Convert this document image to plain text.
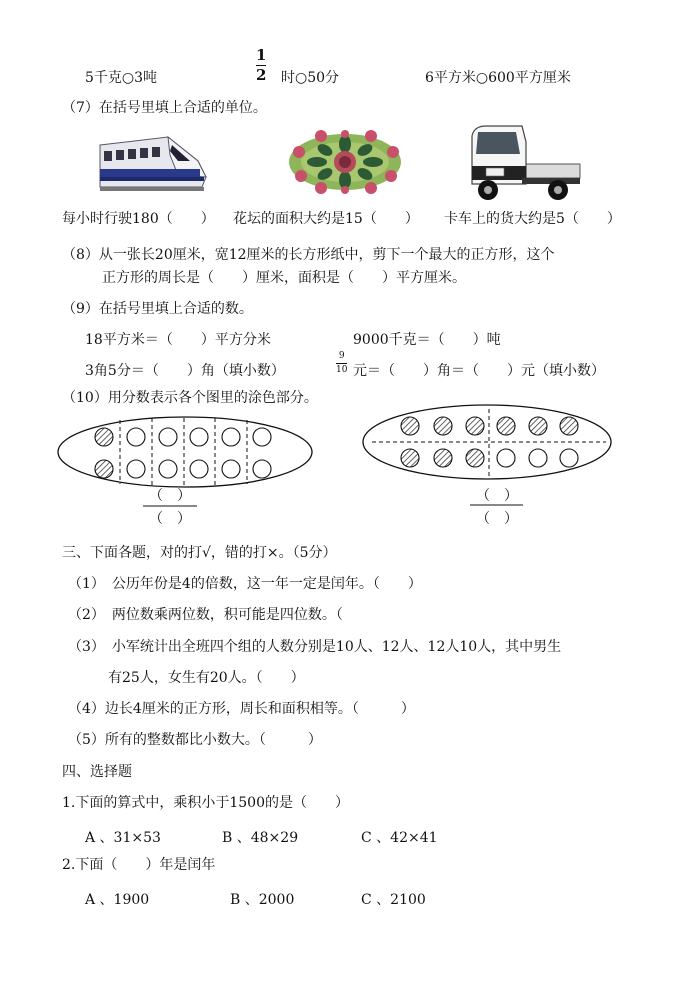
5千克○3吨
1
2 时○50分	6平方米○600平方厘米
（7）在括号里填上合适的单位。
每小时行驶180（　　） 花坛的面积大约是15（　　） 卡车上的货大约是5（　　）
（8）从一张长20厘米，宽12厘米的长方形纸中，剪下一个最大的正方形，这个
正方形的周长是（　　）厘米，面积是（　　）平方厘米。
（9）在括号里填上合适的数。
18平方米＝（　　）平方分米	9000千克＝（　　）吨
3角5分＝（　　）角（填小数）
9
10 元＝（　　）角＝（　　）元（填小数）
（10）用分数表示各个图里的涂色部分。
（　）
（　）
（　）
（　）
三、下面各题，对的打√，错的打×。（5分）
（1）　公历年份是4的倍数，这一年一定是闰年。（　　）
（2）　两位数乘两位数，积可能是四位数。（
（3）　小军统计出全班四个组的人数分别是10人、12人、12人10人，其中男生
有25人，女生有20人。（　　）
（4）边长4厘米的正方形，周长和面积相等。（　　　）
（5）所有的整数都比小数大。（　　　）
四、选择题
1.下面的算式中，乘积小于1500的是（　　）
A 、31×53	B 、48×29	C 、42×41
2.下面（　　）年是闰年
A 、1900	B 、2000	C 、2100
